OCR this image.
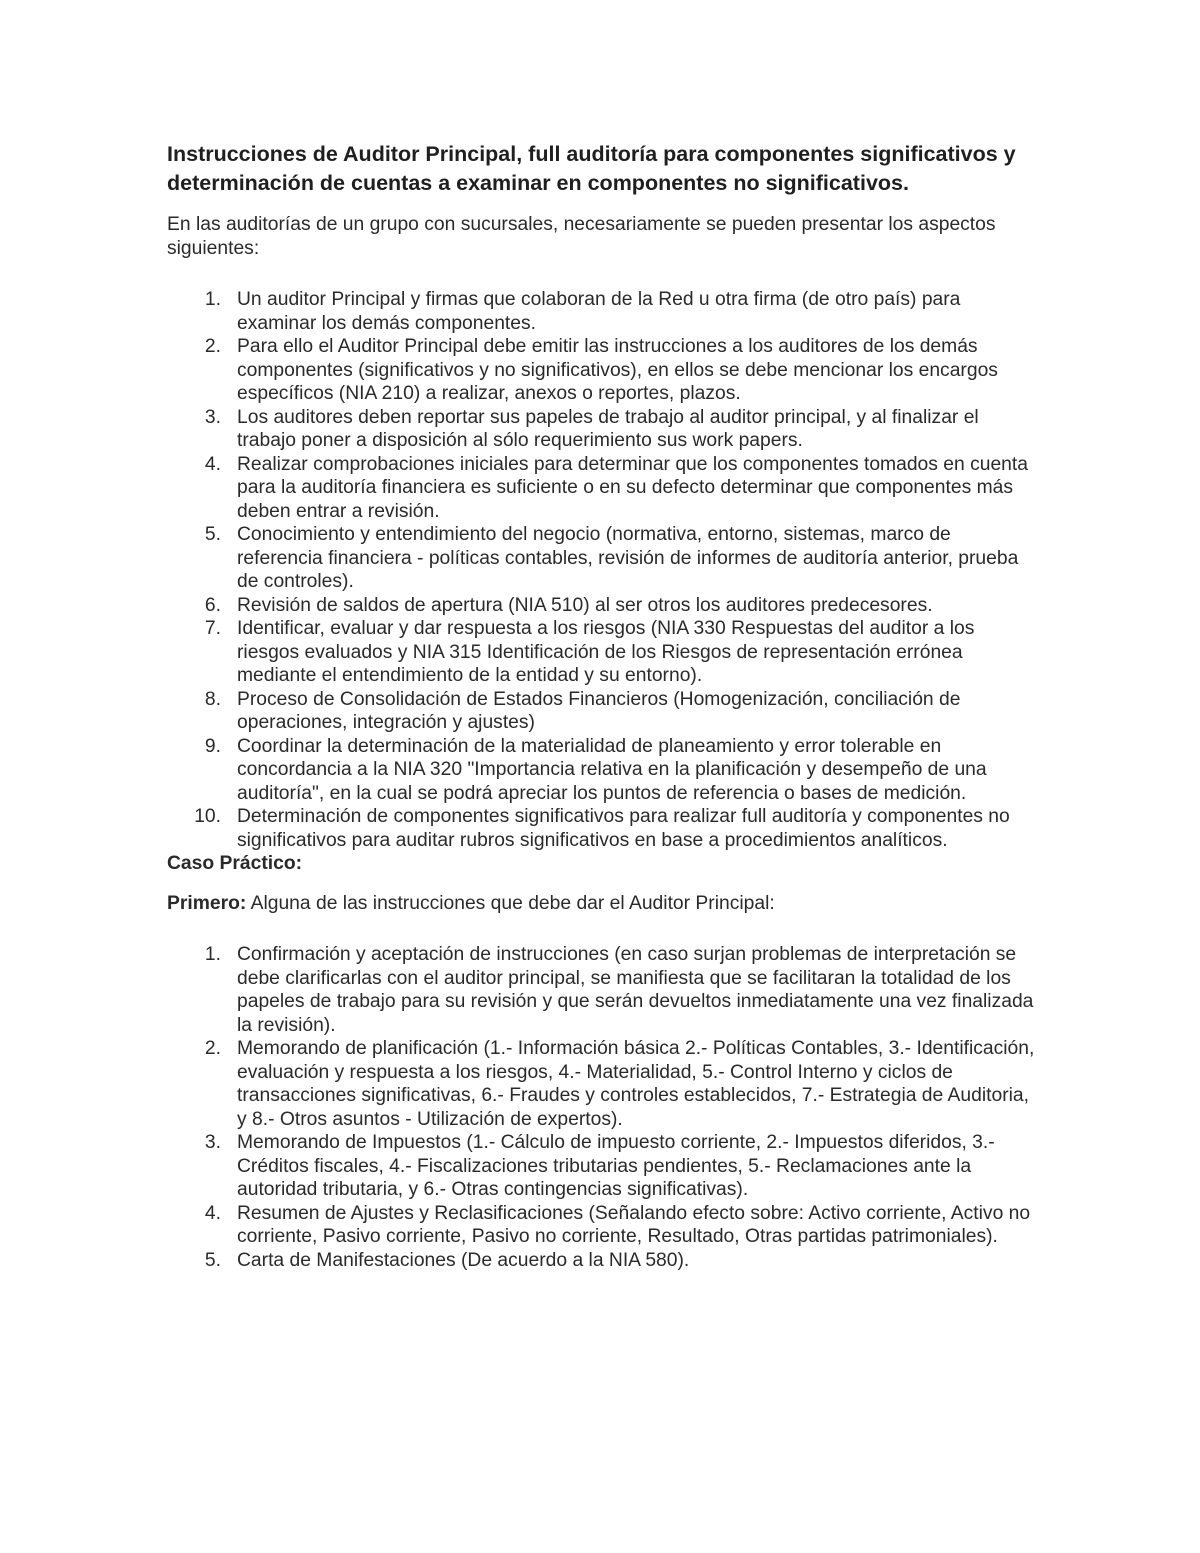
Instrucciones de Auditor Principal, full auditoría para componentes significativos y determinación de cuentas a examinar en componentes no significativos.

En las auditorías de un grupo con sucursales, necesariamente se pueden presentar los aspectos siguientes:

1. Un auditor Principal y firmas que colaboran de la Red u otra firma (de otro país) para examinar los demás componentes.
2. Para ello el Auditor Principal debe emitir las instrucciones a los auditores de los demás componentes (significativos y no significativos), en ellos se debe mencionar los encargos específicos (NIA 210) a realizar, anexos o reportes, plazos.
3. Los auditores deben reportar sus papeles de trabajo al auditor principal, y al finalizar el trabajo poner a disposición al sólo requerimiento sus work papers.
4. Realizar comprobaciones iniciales para determinar que los componentes tomados en cuenta para la auditoría financiera es suficiente o en su defecto determinar que componentes más deben entrar a revisión.
5. Conocimiento y entendimiento del negocio (normativa, entorno, sistemas, marco de referencia financiera - políticas contables, revisión de informes de auditoría anterior, prueba de controles).
6. Revisión de saldos de apertura (NIA 510) al ser otros los auditores predecesores.
7. Identificar, evaluar y dar respuesta a los riesgos (NIA 330 Respuestas del auditor a los riesgos evaluados y NIA 315 Identificación de los Riesgos de representación errónea mediante el entendimiento de la entidad y su entorno).
8. Proceso de Consolidación de Estados Financieros (Homogenización, conciliación de operaciones, integración y ajustes)
9. Coordinar la determinación de la materialidad de planeamiento y error tolerable en concordancia a la NIA 320 "Importancia relativa en la planificación y desempeño de una auditoría", en la cual se podrá apreciar los puntos de referencia o bases de medición.
10. Determinación de componentes significativos para realizar full auditoría y componentes no significativos para auditar rubros significativos en base a procedimientos analíticos.

Caso Práctico:

Primero: Alguna de las instrucciones que debe dar el Auditor Principal:

1. Confirmación y aceptación de instrucciones (en caso surjan problemas de interpretación se debe clarificarlas con el auditor principal, se manifiesta que se facilitaran la totalidad de los papeles de trabajo para su revisión y que serán devueltos inmediatamente una vez finalizada la revisión).
2. Memorando de planificación (1.- Información básica 2.- Políticas Contables, 3.- Identificación, evaluación y respuesta a los riesgos, 4.- Materialidad, 5.- Control Interno y ciclos de transacciones significativas, 6.- Fraudes y controles establecidos, 7.- Estrategia de Auditoria, y 8.- Otros asuntos - Utilización de expertos).
3. Memorando de Impuestos (1.- Cálculo de impuesto corriente, 2.- Impuestos diferidos, 3.- Créditos fiscales, 4.- Fiscalizaciones tributarias pendientes, 5.- Reclamaciones ante la autoridad tributaria, y 6.- Otras contingencias significativas).
4. Resumen de Ajustes y Reclasificaciones (Señalando efecto sobre: Activo corriente, Activo no corriente, Pasivo corriente, Pasivo no corriente, Resultado, Otras partidas patrimoniales).
5. Carta de Manifestaciones (De acuerdo a la NIA 580).
